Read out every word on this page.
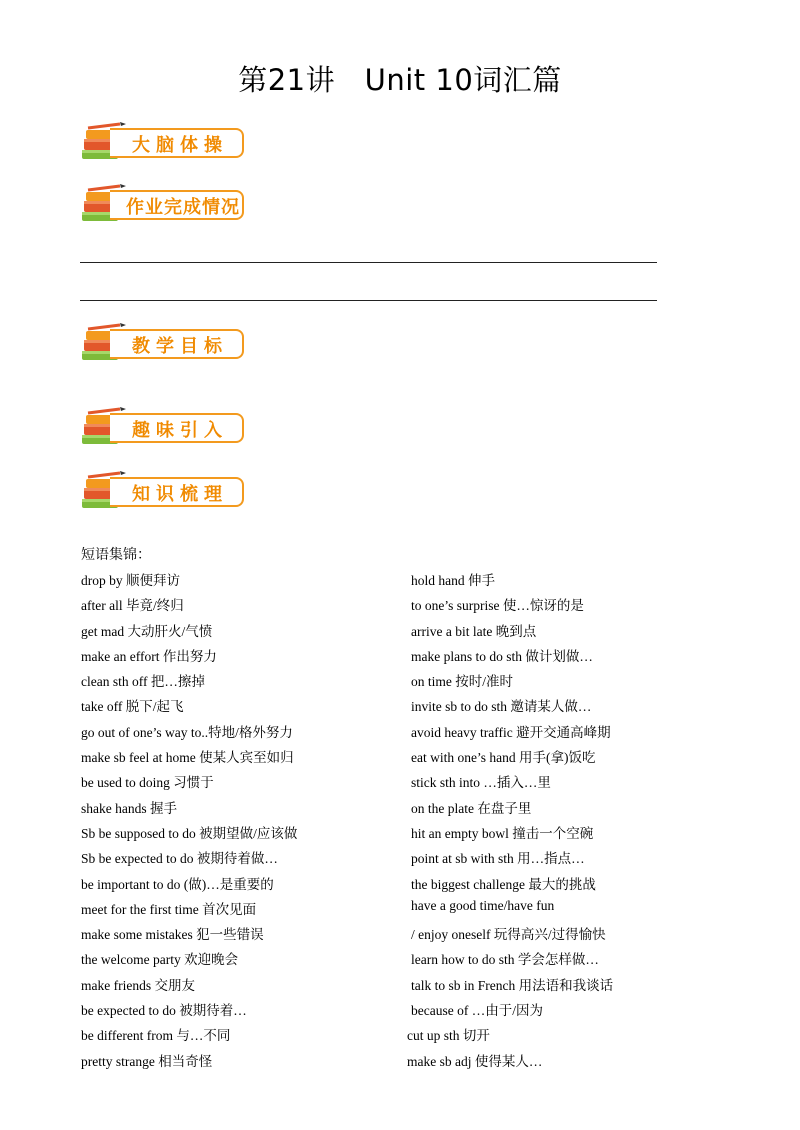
第21讲　Unit 10词汇篇
大脑体操
作业完成情况
教学目标
趣味引入
知识梳理
短语集锦：
drop by 顺便拜访	hold hand 伸手
after all 毕竟/终归	to one’s surprise 使…惊讶的是
get mad 大动肝火/气愤	arrive a bit late 晚到点
make an effort 作出努力	make plans to do sth 做计划做…
clean sth off 把…擦掉	on time 按时/准时
take off 脱下/起飞	invite sb to do sth 邀请某人做…
go out of one’s way to..特地/格外努力	avoid heavy traffic 避开交通高峰期
make sb feel at home 使某人宾至如归	eat with one’s hand 用手(拿)饭吃
be used to doing 习惯于	stick sth into …插入…里
shake hands 握手	on the plate 在盘子里
Sb be supposed to do 被期望做/应该做	hit an empty bowl 撞击一个空碗
Sb be expected to do 被期待着做…	point at sb with sth 用…指点…
be important to do (做)…是重要的	the biggest challenge 最大的挑战
meet for the first time 首次见面	have a good time/have fun
make some mistakes 犯一些错误	/ enjoy oneself 玩得高兴/过得愉快
the welcome party 欢迎晚会	learn how to do sth 学会怎样做…
make friends 交朋友	talk to sb in French 用法语和我谈话
be expected to do 被期待着…	because of …由于/因为
be different from 与…不同	cut up sth 切开
pretty strange 相当奇怪	make sb adj 使得某人…
